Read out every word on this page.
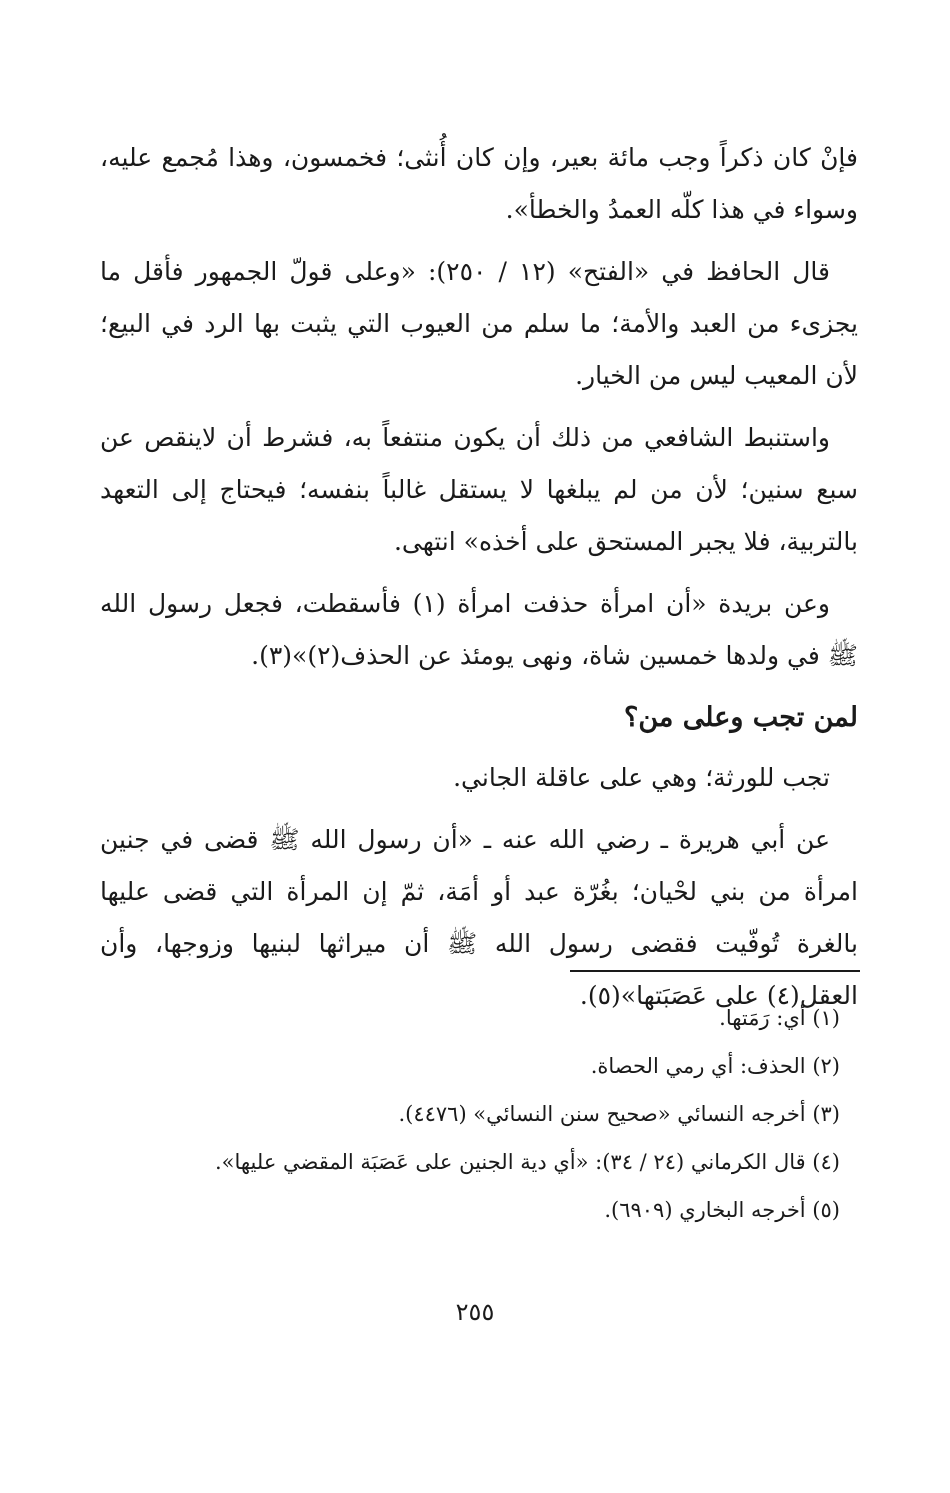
فإنْ كان ذكراً وجب مائة بعير، وإن كان أُنثى؛ فخمسون، وهذا مُجمع عليه، وسواء في هذا كلّه العمدُ والخطأ».

قال الحافظ في «الفتح» (١٢ / ٢٥٠): «وعلى قولّ الجمهور فأقل ما يجزىء من العبد والأمة؛ ما سلم من العيوب التي يثبت بها الرد في البيع؛ لأن المعيب ليس من الخيار.

واستنبط الشافعي من ذلك أن يكون منتفعاً به، فشرط أن لاينقص عن سبع سنين؛ لأن من لم يبلغها لا يستقل غالباً بنفسه؛ فيحتاج إلى التعهد بالتربية، فلا يجبر المستحق على أخذه» انتهى.

وعن بريدة «أن امرأة حذفت امرأة (١) فأسقطت، فجعل رسول الله ﷺ في ولدها خمسين شاة، ونهى يومئذ عن الحذف(٢)»(٣).

لمن تجب وعلى من؟

تجب للورثة؛ وهي على عاقلة الجاني.

عن أبي هريرة ـ رضي الله عنه ـ «أن رسول الله ﷺ قضى في جنين امرأة من بني لحْيان؛ بغُرّة عبد أو أمَة، ثمّ إن المرأة التي قضى عليها بالغرة تُوفّيت فقضى رسول الله ﷺ أن ميراثها لبنيها وزوجها، وأن العقل(٤) على عَصَبَتها»(٥).

(١) أي: رَمَتها.

(٢) الحذف: أي رمي الحصاة.

(٣) أخرجه النسائي «صحيح سنن النسائي» (٤٤٧٦).

(٤) قال الكرماني (٢٤ / ٣٤): «أي دية الجنين على عَصَبَة المقضي عليها».

(٥) أخرجه البخاري (٦٩٠٩).

٢٥٥
